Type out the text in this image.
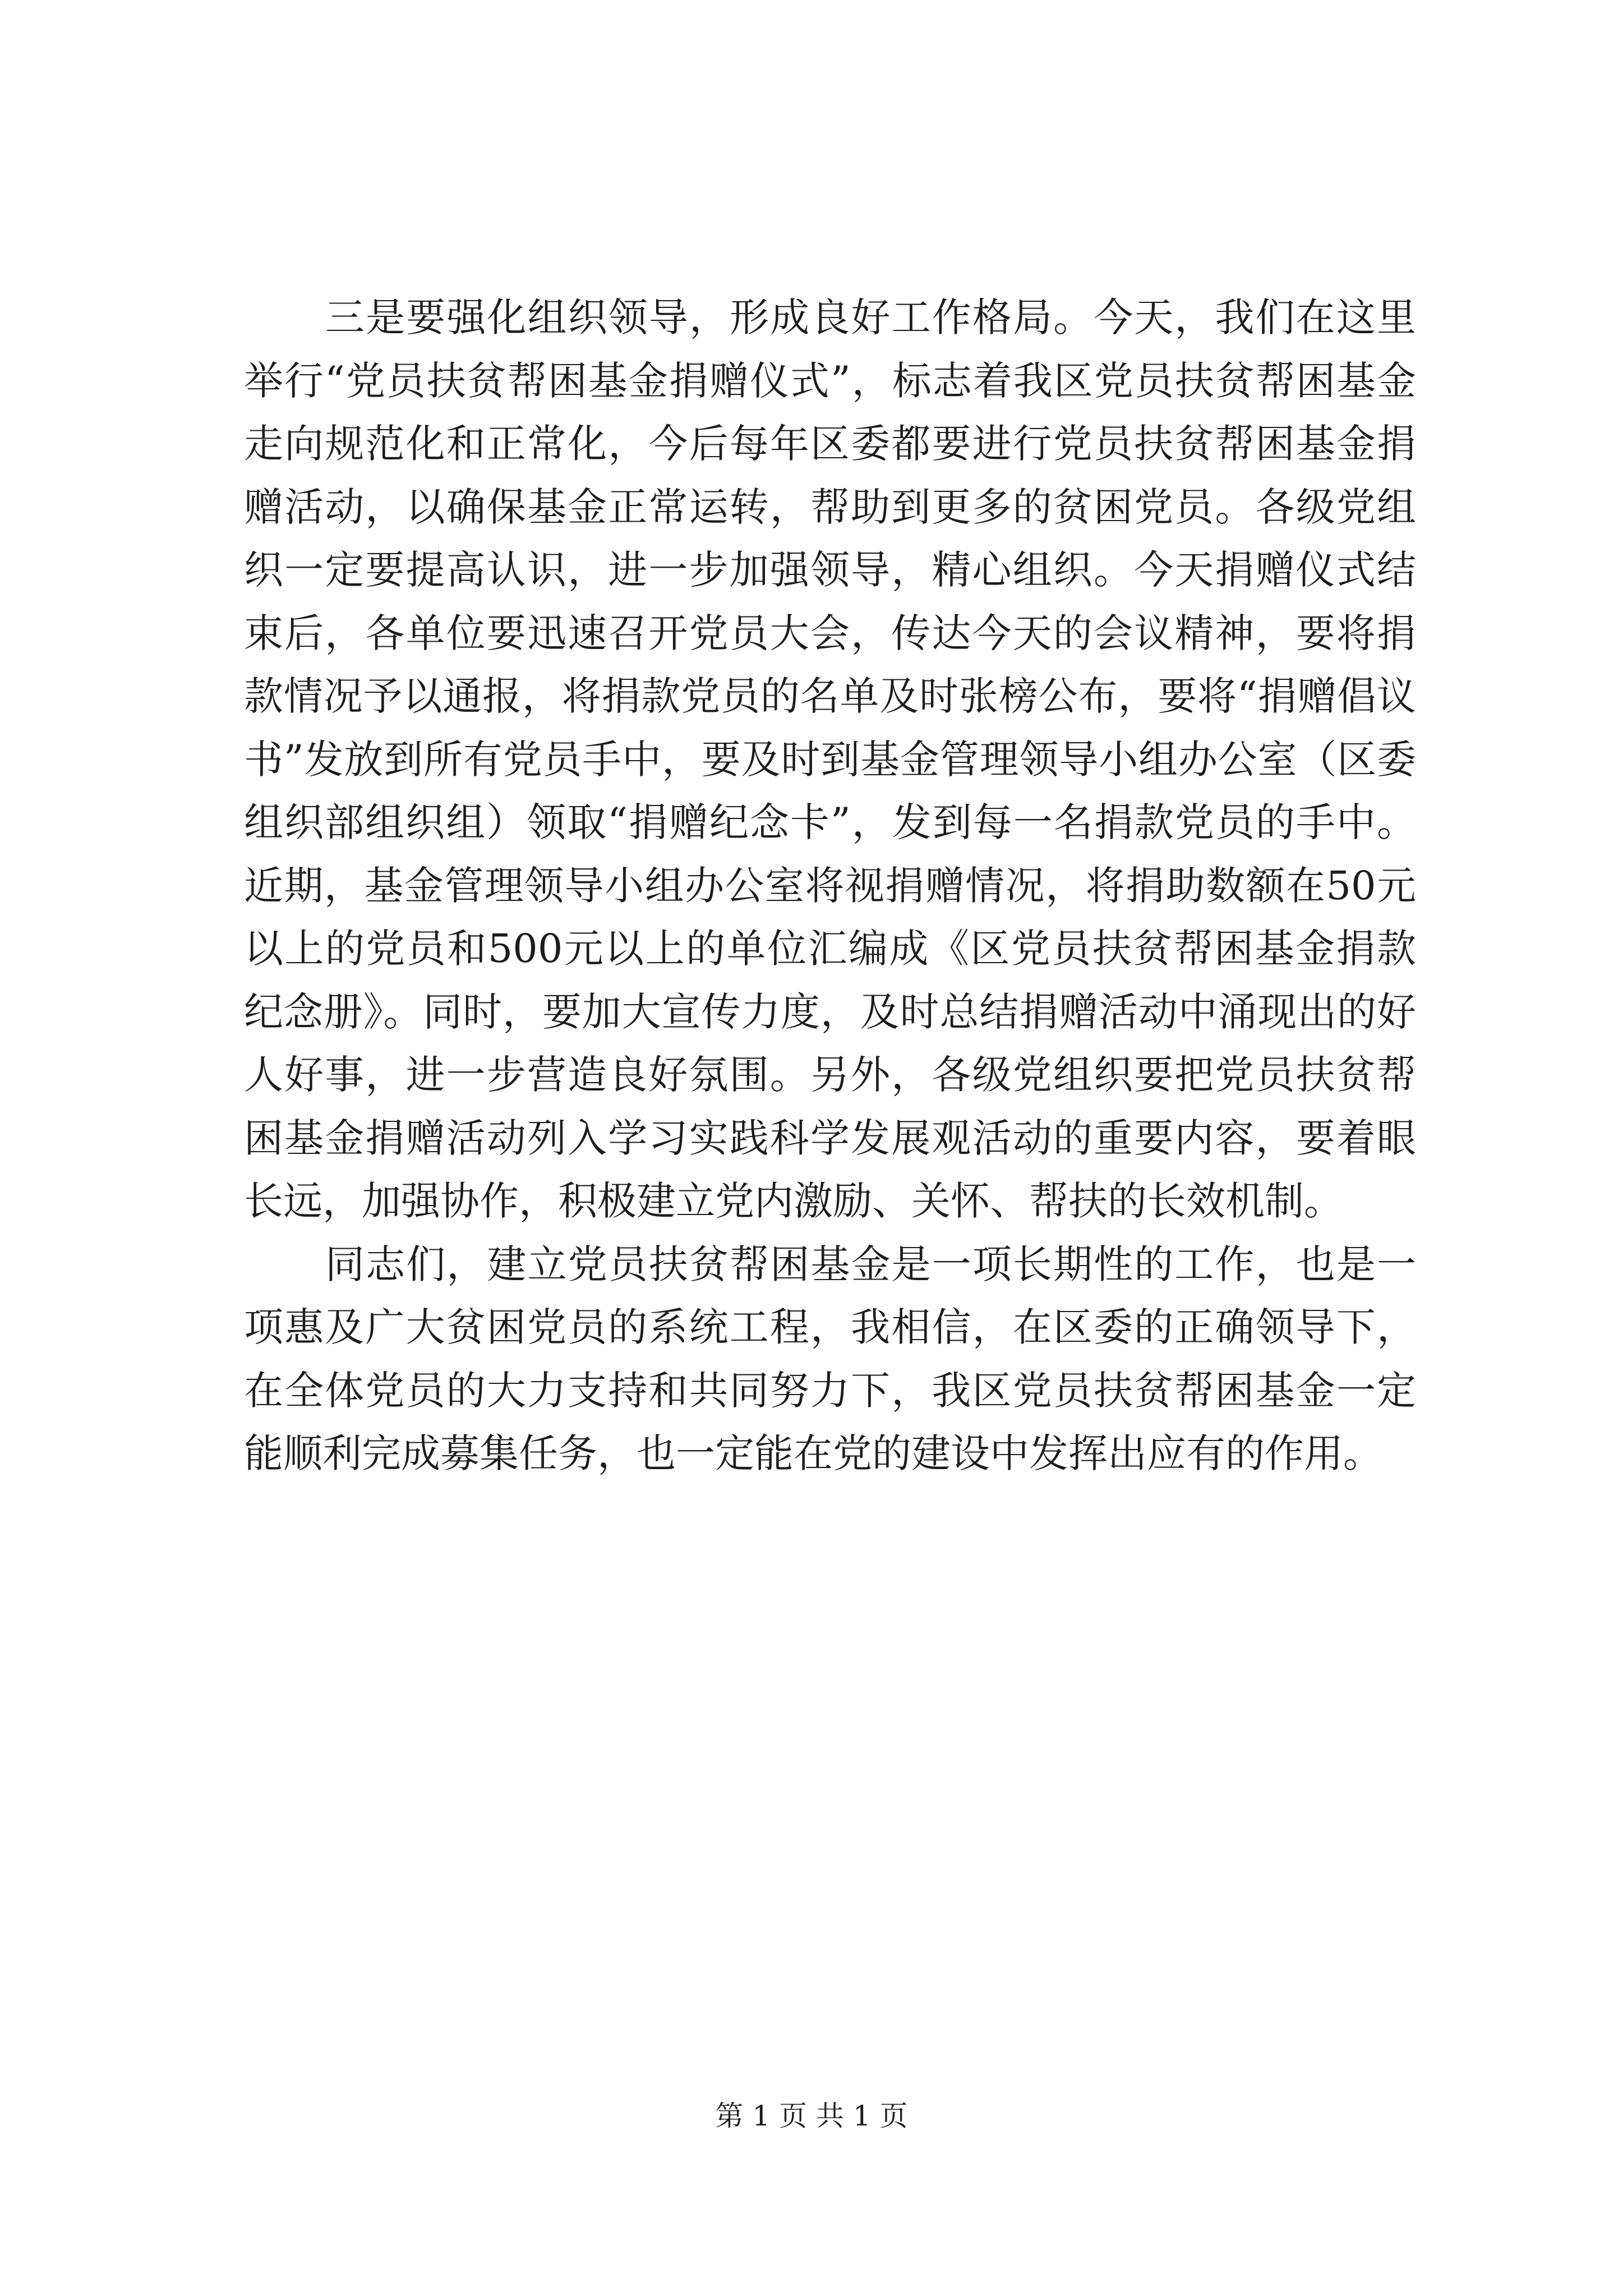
三是要强化组织领导，形成良好工作格局。今天，我们在这里举行“党员扶贫帮困基金捐赠仪式”，标志着我区党员扶贫帮困基金走向规范化和正常化，今后每年区委都要进行党员扶贫帮困基金捐赠活动，以确保基金正常运转，帮助到更多的贫困党员。各级党组织一定要提高认识，进一步加强领导，精心组织。今天捐赠仪式结束后，各单位要迅速召开党员大会，传达今天的会议精神，要将捐款情况予以通报，将捐款党员的名单及时张榜公布，要将“捐赠倡议书”发放到所有党员手中，要及时到基金管理领导小组办公室（区委组织部组织组）领取“捐赠纪念卡”，发到每一名捐款党员的手中。近期，基金管理领导小组办公室将视捐赠情况，将捐助数额在50元以上的党员和500元以上的单位汇编成《区党员扶贫帮困基金捐款纪念册》。同时，要加大宣传力度，及时总结捐赠活动中涌现出的好人好事，进一步营造良好氛围。另外，各级党组织要把党员扶贫帮困基金捐赠活动列入学习实践科学发展观活动的重要内容，要着眼长远，加强协作，积极建立党内激励、关怀、帮扶的长效机制。

同志们，建立党员扶贫帮困基金是一项长期性的工作，也是一项惠及广大贫困党员的系统工程，我相信，在区委的正确领导下，在全体党员的大力支持和共同努力下，我区党员扶贫帮困基金一定能顺利完成募集任务，也一定能在党的建设中发挥出应有的作用。

第 1 页 共 1 页
